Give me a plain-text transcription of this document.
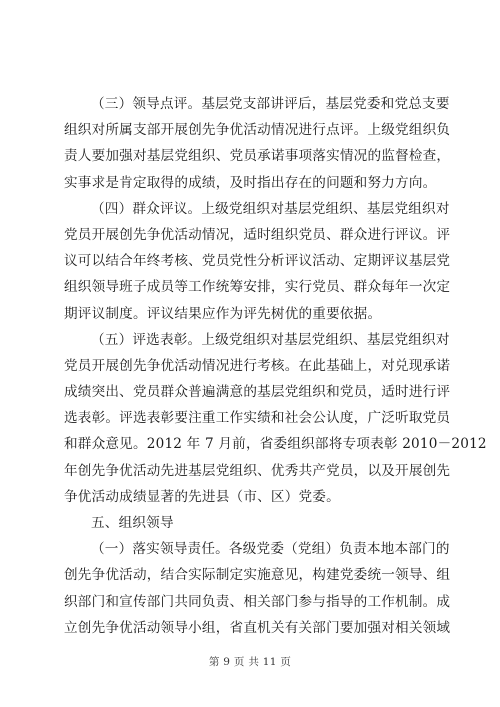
（三）领导点评。基层党支部讲评后，基层党委和党总支要
组织对所属支部开展创先争优活动情况进行点评。上级党组织负
责人要加强对基层党组织、党员承诺事项落实情况的监督检查，
实事求是肯定取得的成绩，及时指出存在的问题和努力方向。
（四）群众评议。上级党组织对基层党组织、基层党组织对
党员开展创先争优活动情况，适时组织党员、群众进行评议。评
议可以结合年终考核、党员党性分析评议活动、定期评议基层党
组织领导班子成员等工作统筹安排，实行党员、群众每年一次定
期评议制度。评议结果应作为评先树优的重要依据。
（五）评选表彰。上级党组织对基层党组织、基层党组织对
党员开展创先争优活动情况进行考核。在此基础上，对兑现承诺
成绩突出、党员群众普遍满意的基层党组织和党员，适时进行评
选表彰。评选表彰要注重工作实绩和社会公认度，广泛听取党员
和群众意见。2012 年 7 月前，省委组织部将专项表彰 2010－2012
年创先争优活动先进基层党组织、优秀共产党员，以及开展创先
争优活动成绩显著的先进县（市、区）党委。
五、组织领导
（一）落实领导责任。各级党委（党组）负责本地本部门的
创先争优活动，结合实际制定实施意见，构建党委统一领导、组
织部门和宣传部门共同负责、相关部门参与指导的工作机制。成
立创先争优活动领导小组，省直机关有关部门要加强对相关领域
第 9 页 共 11 页
